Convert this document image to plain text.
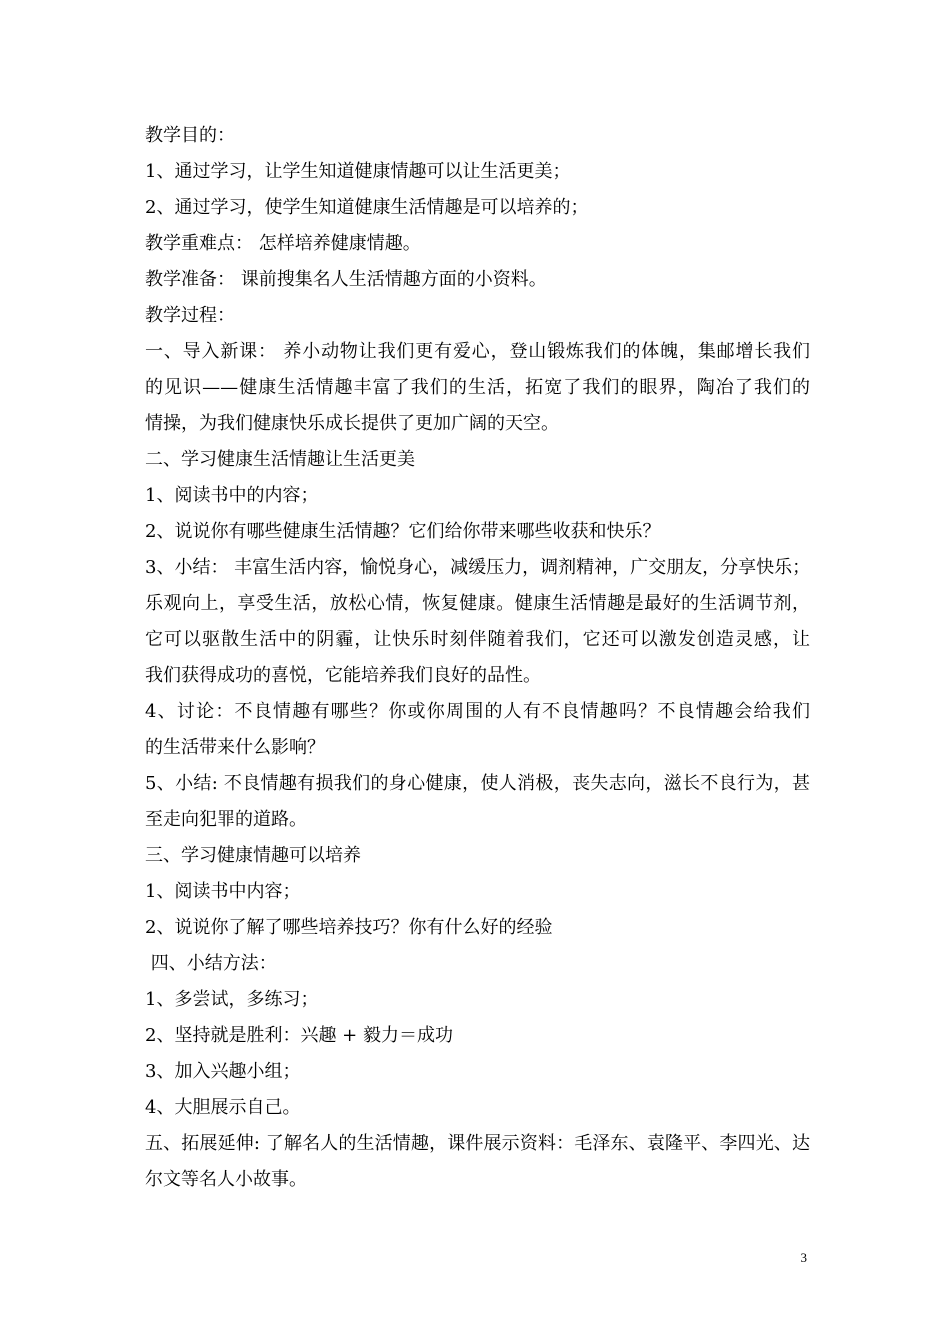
教学目的：
1、通过学习，让学生知道健康情趣可以让生活更美；
2、通过学习，使学生知道健康生活情趣是可以培养的；
教学重难点： 怎样培养健康情趣。
教学准备： 课前搜集名人生活情趣方面的小资料。
教学过程：
一、导入新课： 养小动物让我们更有爱心，登山锻炼我们的体魄，集邮增长我们
的见识——健康生活情趣丰富了我们的生活，拓宽了我们的眼界，陶冶了我们的
情操，为我们健康快乐成长提供了更加广阔的天空。
二、学习健康生活情趣让生活更美
1、阅读书中的内容；
2、说说你有哪些健康生活情趣？它们给你带来哪些收获和快乐？
3、小结： 丰富生活内容，愉悦身心，减缓压力，调剂精神，广交朋友，分享快乐；
乐观向上，享受生活，放松心情，恢复健康。健康生活情趣是最好的生活调节剂，
它可以驱散生活中的阴霾，让快乐时刻伴随着我们，它还可以激发创造灵感，让
我们获得成功的喜悦，它能培养我们良好的品性。
4、讨论：不良情趣有哪些？你或你周围的人有不良情趣吗？不良情趣会给我们
的生活带来什么影响？
5、小结: 不良情趣有损我们的身心健康，使人消极，丧失志向，滋长不良行为，甚
至走向犯罪的道路。
三、学习健康情趣可以培养
1、阅读书中内容；
2、说说你了解了哪些培养技巧？你有什么好的经验
四、小结方法：
1、多尝试，多练习；
2、坚持就是胜利：兴趣 + 毅力＝成功
3、加入兴趣小组；
4、大胆展示自己。
五、拓展延伸: 了解名人的生活情趣，课件展示资料：毛泽东、袁隆平、李四光、达
尔文等名人小故事。
3
